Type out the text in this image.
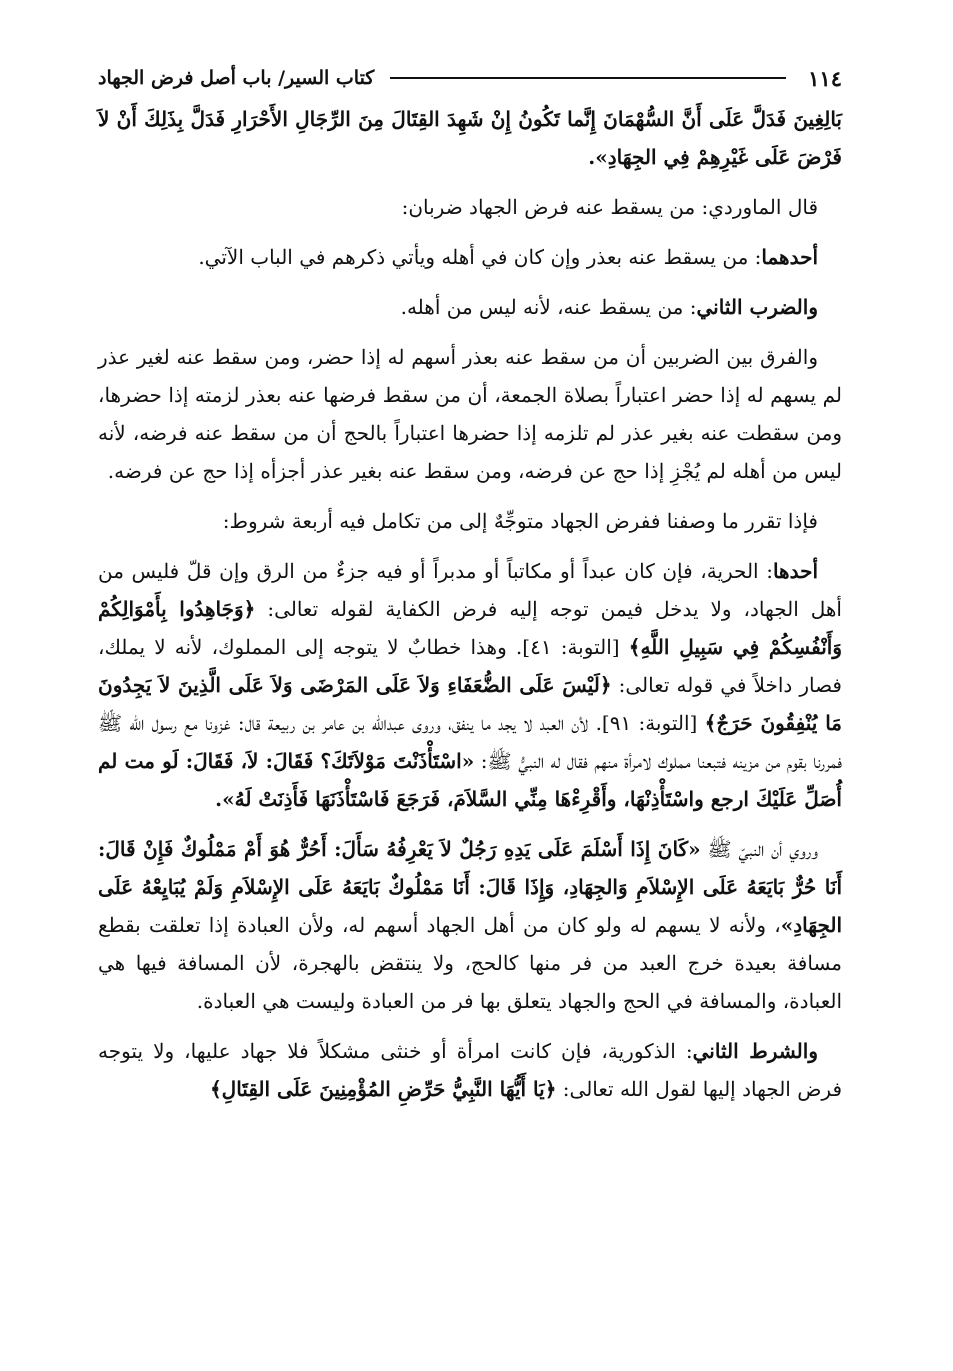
١١٤
كتاب السير/ باب أصل فرض الجهاد

بَالِغِينَ فَدَلَّ عَلَى أَنَّ السُّهْمَانَ إِنَّما تَكُونُ إِنْ شَهِدَ القِتَالَ مِنَ الرِّجَالِ الأَحْرَارِ فَدَلَّ بِذَلِكَ أَنْ لاَ فَرْضَ عَلَى غَيْرِهِمْ فِي الجِهَادِ».

قال الماوردي: من يسقط عنه فرض الجهاد ضربان:

أحدهما: من يسقط عنه بعذر وإن كان في أهله ويأتي ذكرهم في الباب الآتي.

والضرب الثاني: من يسقط عنه، لأنه ليس من أهله.

والفرق بين الضربين أن من سقط عنه بعذر أسهم له إذا حضر، ومن سقط عنه لغير عذر لم يسهم له إذا حضر اعتباراً بصلاة الجمعة، أن من سقط فرضها عنه بعذر لزمته إذا حضرها، ومن سقطت عنه بغير عذر لم تلزمه إذا حضرها اعتباراً بالحج أن من سقط عنه فرضه، لأنه ليس من أهله لم يُجْزِ إذا حج عن فرضه، ومن سقط عنه بغير عذر أجزأه إذا حج عن فرضه.

فإذا تقرر ما وصفنا ففرض الجهاد متوجِّهٌ إلى من تكامل فيه أربعة شروط:

أحدها: الحرية، فإن كان عبداً أو مكاتباً أو مدبراً أو فيه جزءٌ من الرق وإن قلّ فليس من أهل الجهاد، ولا يدخل فيمن توجه إليه فرض الكفاية لقوله تعالى: ﴿وَجَاهِدُوا بِأَمْوَالِكُمْ وَأَنْفُسِكُمْ فِي سَبِيلِ اللَّهِ﴾ [التوبة: ٤١]. وهذا خطابٌ لا يتوجه إلى المملوك، لأنه لا يملك، فصار داخلاً في قوله تعالى: ﴿لَيْسَ عَلَى الضُّعَفَاءِ وَلاَ عَلَى المَرْضَى وَلاَ عَلَى الَّذِينَ لاَ يَجِدُونَ مَا يُنْفِقُونَ حَرَجٌ﴾ [التوبة: ٩١]. لأن العبد لا يجد ما ينفق، وروى عبدالله بن عامر بن ربيعة قال: غزونا مع رسول الله ﷺ فمررنا بقوم من مزينه فتبعنا مملوك لامرأة منهم فقال له النبيُّ ﷺ: «اسْتَأْذَنْتَ مَوْلاَتَكَ؟ فَقَالَ: لاَ، فَقَالَ: لَو مت لم أُصَلِّ عَلَيْكَ ارجع واسْتَأْذِنْهَا، وأَقْرِءْهَا مِنِّي السَّلاَمَ، فَرَجَعَ فَاسْتَأْذَنَهَا فَأَذِنَتْ لَهُ».

وروي أن النبيّ ﷺ «كَانَ إِذَا أَسْلَمَ عَلَى يَدِهِ رَجُلٌ لاَ يَعْرِفُهُ سَأَلَ: أَحُرٌّ هُوَ أَمْ مَمْلُوكٌ فَإِنْ قَالَ: أَنَا حُرٌّ بَايَعَهُ عَلَى الإِسْلاَمِ وَالجِهَادِ، وَإِذَا قَالَ: أَنَا مَمْلُوكٌ بَايَعَهُ عَلَى الإِسْلاَمِ وَلَمْ يُبَايِعْهُ عَلَى الجِهَادِ»، ولأنه لا يسهم له ولو كان من أهل الجهاد أسهم له، ولأن العبادة إذا تعلقت بقطع مسافة بعيدة خرج العبد من فر منها كالحج، ولا ينتقض بالهجرة، لأن المسافة فيها هي العبادة، والمسافة في الحج والجهاد يتعلق بها فر من العبادة وليست هي العبادة.

والشرط الثاني: الذكورية، فإن كانت امرأة أو خنثى مشكلاً فلا جهاد عليها، ولا يتوجه فرض الجهاد إليها لقول الله تعالى: ﴿يَا أَيُّهَا النَّبِيُّ حَرِّضِ المُؤْمِنِينَ عَلَى القِتَالِ﴾
